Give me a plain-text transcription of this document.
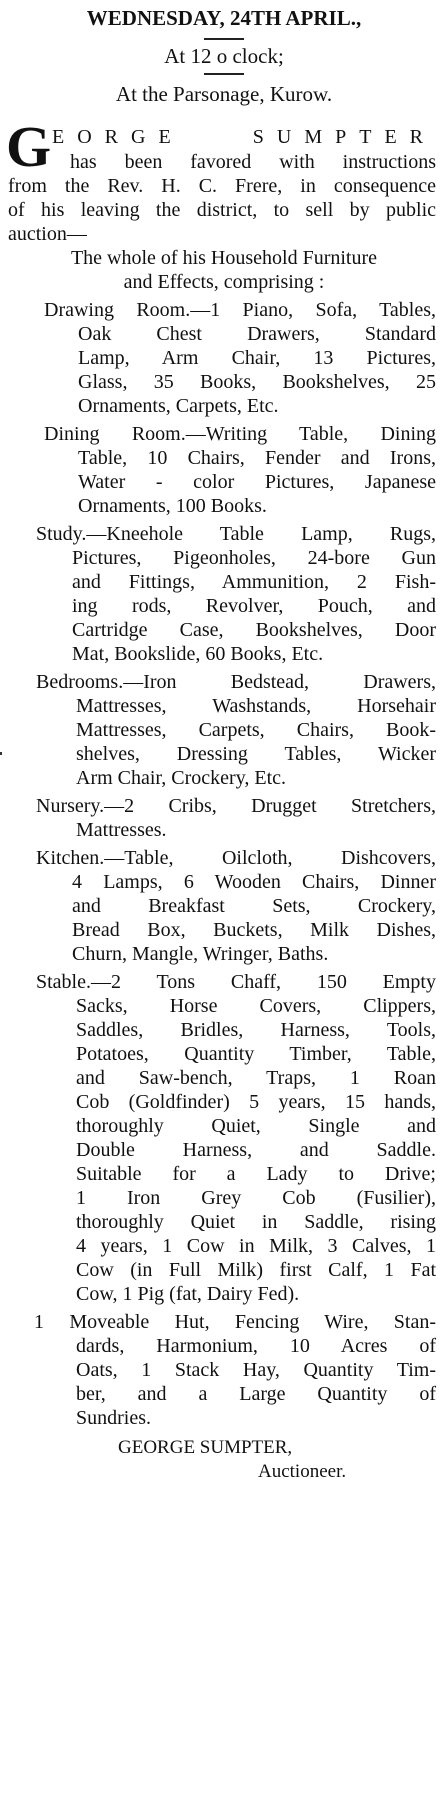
WEDNESDAY, 24TH APRIL.,
At 12 o clock;
At the Parsonage, Kurow.
G EORGE	SUMPTER
has been favored with instructions
from the Rev. H. C. Frere, in consequence
of his leaving the district, to sell by public
auction—
The whole of his Household Furniture
and Effects, comprising :
Drawing Room.—1 Piano, Sofa, Tables,
Oak Chest Drawers, Standard
Lamp, Arm Chair, 13 Pictures,
Glass, 35 Books, Bookshelves, 25
Ornaments, Carpets, Etc.
Dining Room.—Writing Table, Dining
Table, 10 Chairs, Fender and Irons,
Water - color Pictures, Japanese
Ornaments, 100 Books.
Study.—Kneehole Table Lamp, Rugs,
Pictures, Pigeonholes, 24-bore Gun
and Fittings, Ammunition, 2 Fish-
ing rods, Revolver, Pouch, and
Cartridge Case, Bookshelves, Door
Mat, Bookslide, 60 Books, Etc.
Bedrooms.—Iron Bedstead, Drawers,
Mattresses, Washstands, Horsehair
Mattresses, Carpets, Chairs, Book-
shelves, Dressing Tables, Wicker
Arm Chair, Crockery, Etc.
Nursery.—2 Cribs, Drugget Stretchers,
Mattresses.
Kitchen.—Table, Oilcloth, Dishcovers,
4 Lamps, 6 Wooden Chairs, Dinner
and Breakfast Sets, Crockery,
Bread Box, Buckets, Milk Dishes,
Churn, Mangle, Wringer, Baths.
Stable.—2 Tons Chaff, 150 Empty
Sacks, Horse Covers, Clippers,
Saddles, Bridles, Harness, Tools,
Potatoes, Quantity Timber, Table,
and Saw-bench, Traps, 1 Roan
Cob (Goldfinder) 5 years, 15 hands,
thoroughly Quiet, Single and
Double Harness, and Saddle.
Suitable for a Lady to Drive;
1 Iron Grey Cob (Fusilier),
thoroughly Quiet in Saddle, rising
4 years, 1 Cow in Milk, 3 Calves, 1
Cow (in Full Milk) first Calf, 1 Fat
Cow, 1 Pig (fat, Dairy Fed).
1 Moveable Hut, Fencing Wire, Stan-
dards, Harmonium, 10 Acres of
Oats, 1 Stack Hay, Quantity Tim-
ber, and a Large Quantity of
Sundries.
GEORGE SUMPTER,
Auctioneer.
